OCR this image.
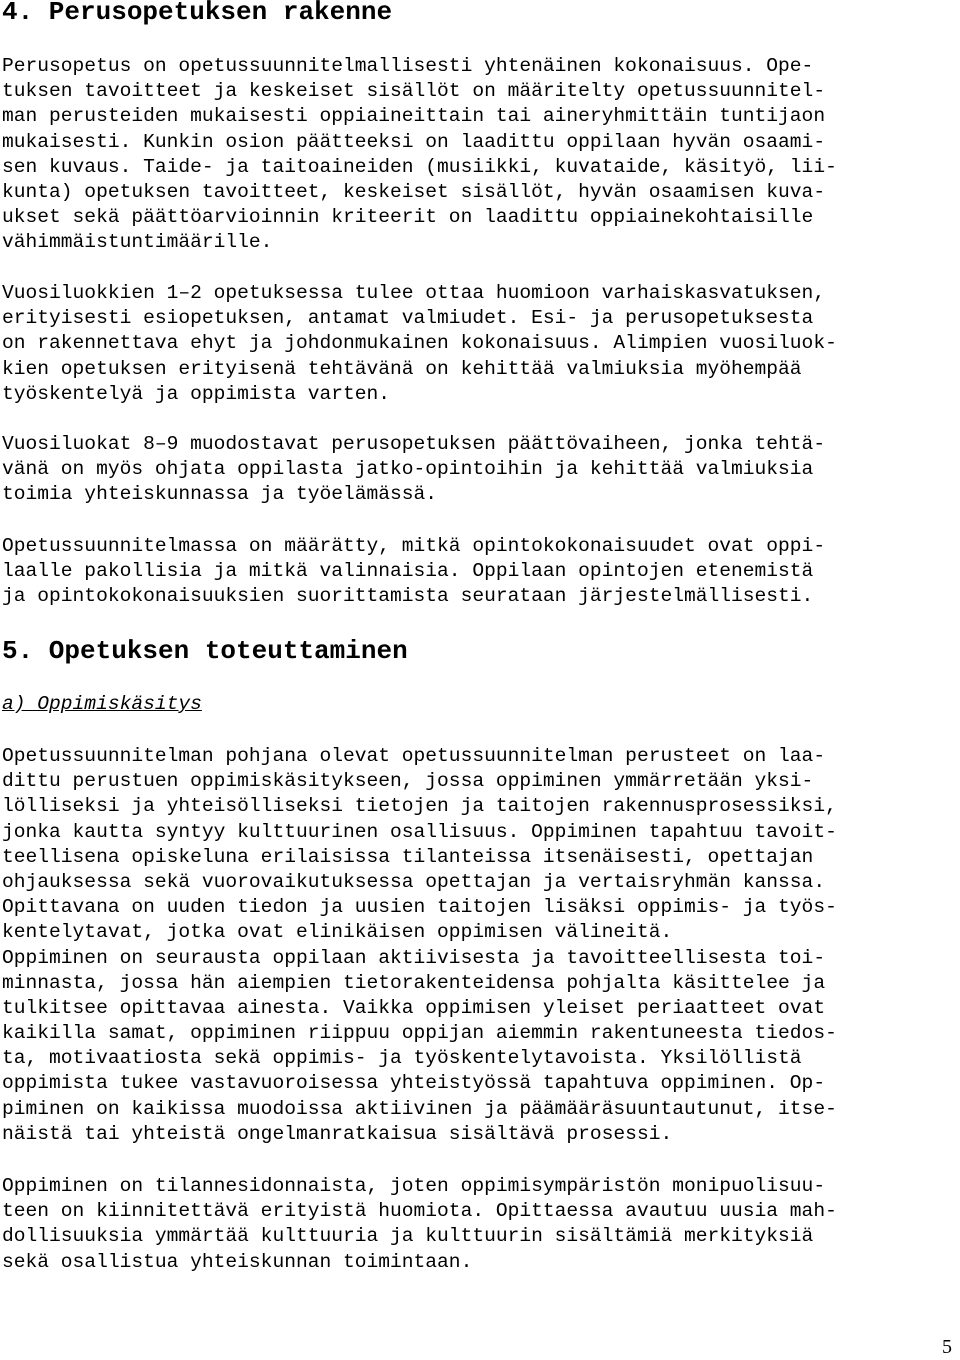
4. Perusopetuksen rakenne
Perusopetus on opetussuunnitelmallisesti yhtenäinen kokonaisuus. Ope-
tuksen tavoitteet ja keskeiset sisällöt on määritelty opetussuunnitel-
man perusteiden mukaisesti oppiaineittain tai aineryhmittäin tuntijaon
mukaisesti. Kunkin osion päätteeksi on laadittu oppilaan hyvän osaami-
sen kuvaus. Taide- ja taitoaineiden (musiikki, kuvataide, käsityö, lii-
kunta) opetuksen tavoitteet, keskeiset sisällöt, hyvän osaamisen kuva-
ukset sekä päättöarvioinnin kriteerit on laadittu oppiainekohtaisille
vähimmäistuntimäärille.
Vuosiluokkien 1–2 opetuksessa tulee ottaa huomioon varhaiskasvatuksen,
erityisesti esiopetuksen, antamat valmiudet. Esi- ja perusopetuksesta
on rakennettava ehyt ja johdonmukainen kokonaisuus. Alimpien vuosiluok-
kien opetuksen erityisenä tehtävänä on kehittää valmiuksia myöhempää
työskentelyä ja oppimista varten.
Vuosiluokat 8–9 muodostavat perusopetuksen päättövaiheen, jonka tehtä-
vänä on myös ohjata oppilasta jatko-opintoihin ja kehittää valmiuksia
toimia yhteiskunnassa ja työelämässä.
Opetussuunnitelmassa on määrätty, mitkä opintokokonaisuudet ovat oppi-
laalle pakollisia ja mitkä valinnaisia. Oppilaan opintojen etenemistä
ja opintokokonaisuuksien suorittamista seurataan järjestelmällisesti.
5. Opetuksen toteuttaminen
a) Oppimiskäsitys
Opetussuunnitelman pohjana olevat opetussuunnitelman perusteet on laa-
dittu perustuen oppimiskäsitykseen, jossa oppiminen ymmärretään yksi-
lölliseksi ja yhteisölliseksi tietojen ja taitojen rakennusprosessiksi,
jonka kautta syntyy kulttuurinen osallisuus. Oppiminen tapahtuu tavoit-
teellisena opiskeluna erilaisissa tilanteissa itsenäisesti, opettajan
ohjauksessa sekä vuorovaikutuksessa opettajan ja vertaisryhmän kanssa.
Opittavana on uuden tiedon ja uusien taitojen lisäksi oppimis- ja työs-
kentelytavat, jotka ovat elinikäisen oppimisen välineitä.
Oppiminen on seurausta oppilaan aktiivisesta ja tavoitteellisesta toi-
minnasta, jossa hän aiempien tietorakenteidensa pohjalta käsittelee ja
tulkitsee opittavaa ainesta. Vaikka oppimisen yleiset periaatteet ovat
kaikilla samat, oppiminen riippuu oppijan aiemmin rakentuneesta tiedos-
ta, motivaatiosta sekä oppimis- ja työskentelytavoista. Yksilöllistä
oppimista tukee vastavuoroisessa yhteistyössä tapahtuva oppiminen. Op-
piminen on kaikissa muodoissa aktiivinen ja päämääräsuuntautunut, itse-
näistä tai yhteistä ongelmanratkaisua sisältävä prosessi.
Oppiminen on tilannesidonnaista, joten oppimisympäristön monipuolisuu-
teen on kiinnitettävä erityistä huomiota. Opittaessa avautuu uusia mah-
dollisuuksia ymmärtää kulttuuria ja kulttuurin sisältämiä merkityksiä
sekä osallistua yhteiskunnan toimintaan.
5
